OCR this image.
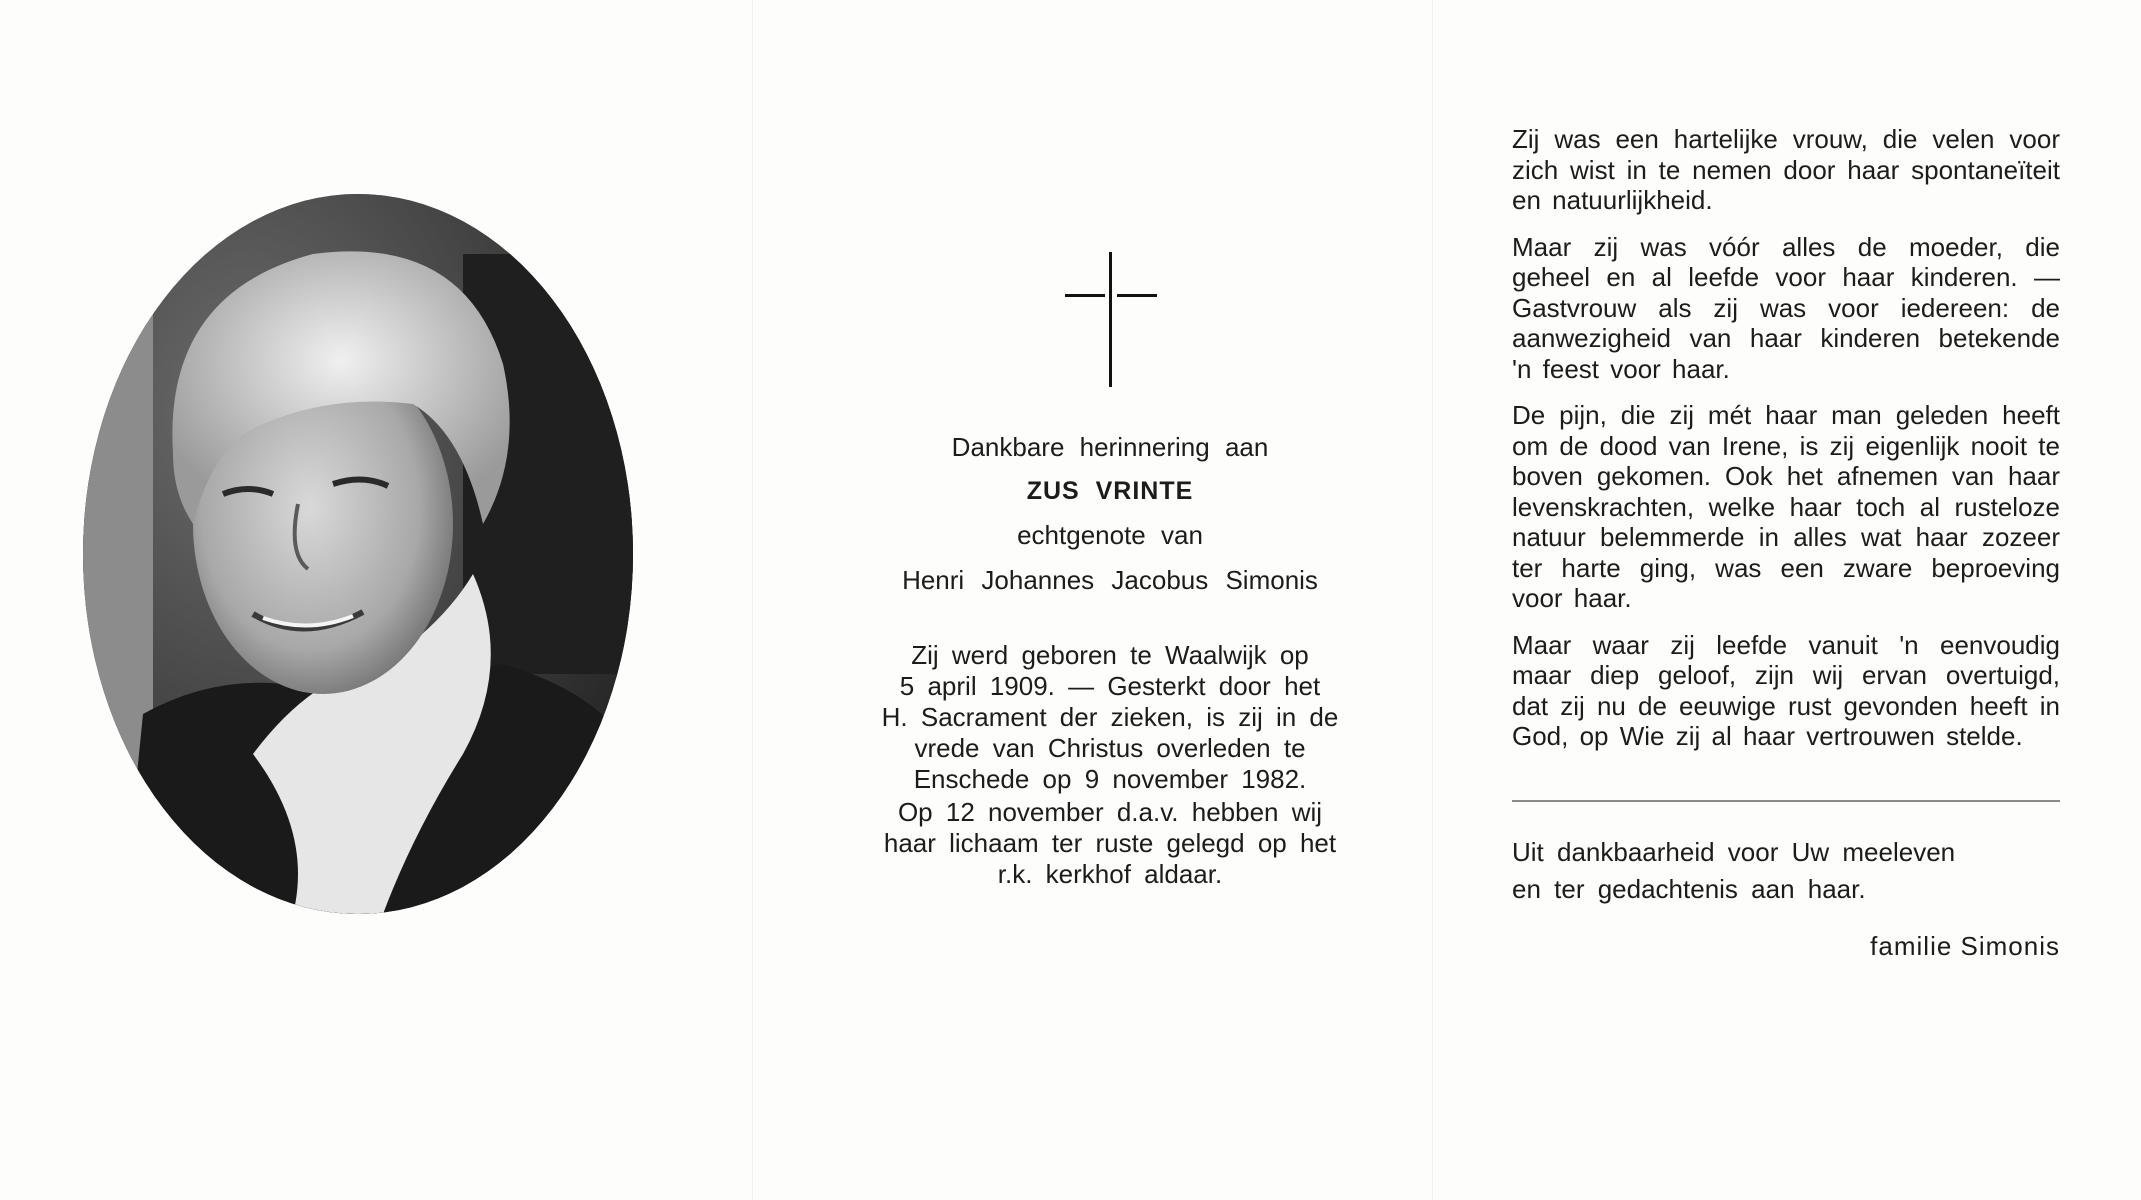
Dankbare herinnering aan

ZUS VRINTE

echtgenote van

Henri Johannes Jacobus Simonis

Zij werd geboren te Waalwijk op

5 april 1909. — Gesterkt door het

H. Sacrament der zieken, is zij in de

vrede van Christus overleden te

Enschede op 9 november 1982.

Op 12 november d.a.v. hebben wij

haar lichaam ter ruste gelegd op het

r.k. kerkhof aldaar.

Zij was een hartelijke vrouw, die velen voor zich wist in te nemen door haar spontaneïteit en natuurlijkheid.

Maar zij was vóór alles de moeder, die geheel en al leefde voor haar kinderen. — Gastvrouw als zij was voor iedereen: de aanwezigheid van haar kinderen betekende 'n feest voor haar.

De pijn, die zij mét haar man geleden heeft om de dood van Irene, is zij eigenlijk nooit te boven gekomen. Ook het afnemen van haar levenskrachten, welke haar toch al rusteloze natuur belemmerde in alles wat haar zozeer ter harte ging, was een zware beproeving voor haar.

Maar waar zij leefde vanuit 'n eenvoudig maar diep geloof, zijn wij ervan overtuigd, dat zij nu de eeuwige rust gevonden heeft in God, op Wie zij al haar vertrouwen stelde.

Uit dankbaarheid voor Uw meeleven

en ter gedachtenis aan haar.

familie Simonis
